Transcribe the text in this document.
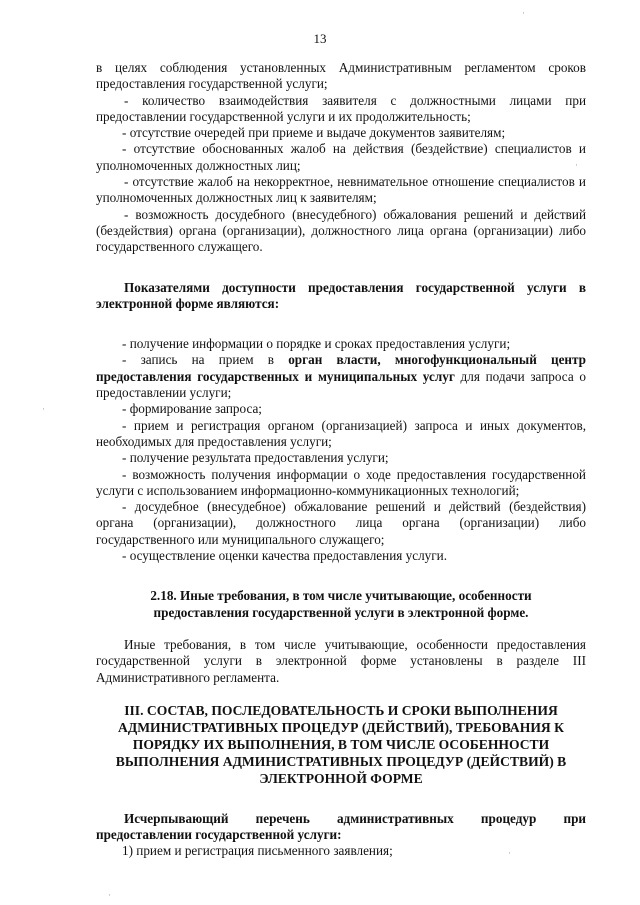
13

в целях соблюдения установленных Административным регламентом сроков предоставления государственной услуги;

- количество взаимодействия заявителя с должностными лицами при предоставлении государственной услуги и их продолжительность;

- отсутствие очередей при приеме и выдаче документов заявителям;

- отсутствие обоснованных жалоб на действия (бездействие) специалистов и уполномоченных должностных лиц;

- отсутствие жалоб на некорректное, невнимательное отношение специалистов и уполномоченных должностных лиц к заявителям;

- возможность досудебного (внесудебного) обжалования решений и действий (бездействия) органа (организации), должностного лица органа (организации) либо государственного служащего.

Показателями доступности предоставления государственной услуги в электронной форме являются:

- получение информации о порядке и сроках предоставления услуги;

- запись на прием в орган власти, многофункциональный центр предоставления государственных и муниципальных услуг для подачи запроса о предоставлении услуги;

- формирование запроса;

- прием и регистрация органом (организацией) запроса и иных документов, необходимых для предоставления услуги;

- получение результата предоставления услуги;

- возможность получения информации о ходе предоставления государственной услуги с использованием информационно-коммуникационных технологий;

- досудебное (внесудебное) обжалование решений и действий (бездействия) органа (организации), должностного лица органа (организации) либо государственного или муниципального служащего;

- осуществление оценки качества предоставления услуги.

2.18. Иные требования, в том числе учитывающие, особенности предоставления государственной услуги в электронной форме.

Иные требования, в том числе учитывающие, особенности предоставления государственной услуги в электронной форме установлены в разделе III Административного регламента.

III. СОСТАВ, ПОСЛЕДОВАТЕЛЬНОСТЬ И СРОКИ ВЫПОЛНЕНИЯ АДМИНИСТРАТИВНЫХ ПРОЦЕДУР (ДЕЙСТВИЙ), ТРЕБОВАНИЯ К ПОРЯДКУ ИХ ВЫПОЛНЕНИЯ, В ТОМ ЧИСЛЕ ОСОБЕННОСТИ ВЫПОЛНЕНИЯ АДМИНИСТРАТИВНЫХ ПРОЦЕДУР (ДЕЙСТВИЙ) В ЭЛЕКТРОННОЙ ФОРМЕ

Исчерпывающий перечень административных процедур при предоставлении государственной услуги:

1) прием и регистрация письменного заявления;

·
·
·
·
·
